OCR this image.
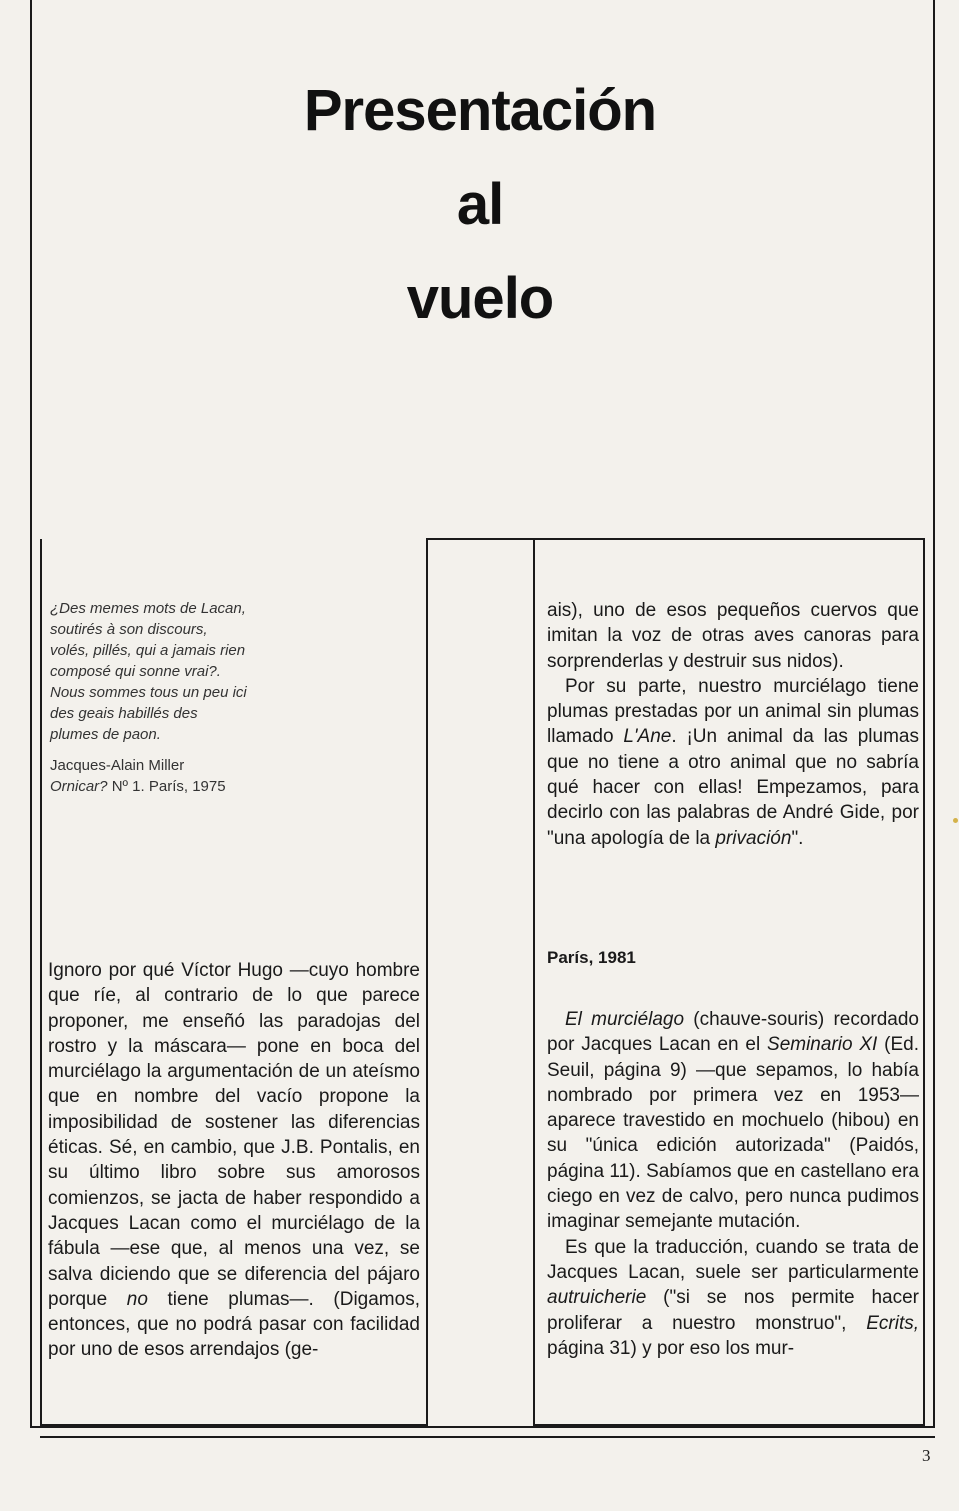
Presentación
al
vuelo
¿Des memes mots de Lacan, soutirés à son discours, volés, pillés, qui a jamais rien composé qui sonne vrai?. Nous sommes tous un peu ici des geais habillés des plumes de paon.
Jacques-Alain Miller
Ornicar? Nº 1. París, 1975

Ignoro por qué Víctor Hugo —cuyo hombre que ríe, al contrario de lo que parece proponer, me enseñó las paradojas del rostro y la máscara— pone en boca del murciélago la argumentación de un ateísmo que en nombre del vacío propone la imposibilidad de sostener las diferencias éticas. Sé, en cambio, que J.B. Pontalis, en su último libro sobre sus amorosos comienzos, se jacta de haber respondido a Jacques Lacan como el murciélago de la fábula —ese que, al menos una vez, se salva diciendo que se diferencia del pájaro porque no tiene plumas—. (Digamos, entonces, que no podrá pasar con facilidad por uno de esos arrendajos (ge-

ais), uno de esos pequeños cuervos que imitan la voz de otras aves canoras para sorprenderlas y destruir sus nidos).

Por su parte, nuestro murciélago tiene plumas prestadas por un animal sin plumas llamado L'Ane. ¡Un animal da las plumas que no tiene a otro animal que no sabría qué hacer con ellas! Empezamos, para decirlo con las palabras de André Gide, por "una apología de la privación".

París, 1981

El murciélago (chauve-souris) recordado por Jacques Lacan en el Seminario XI (Ed. Seuil, página 9) —que sepamos, lo había nombrado por primera vez en 1953— aparece travestido en mochuelo (hibou) en su "única edición autorizada" (Paidós, página 11). Sabíamos que en castellano era ciego en vez de calvo, pero nunca pudimos imaginar semejante mutación.

Es que la traducción, cuando se trata de Jacques Lacan, suele ser particularmente autruicherie ("si se nos permite hacer proliferar a nuestro monstruo", Ecrits, página 31) y por eso los mur-

3
